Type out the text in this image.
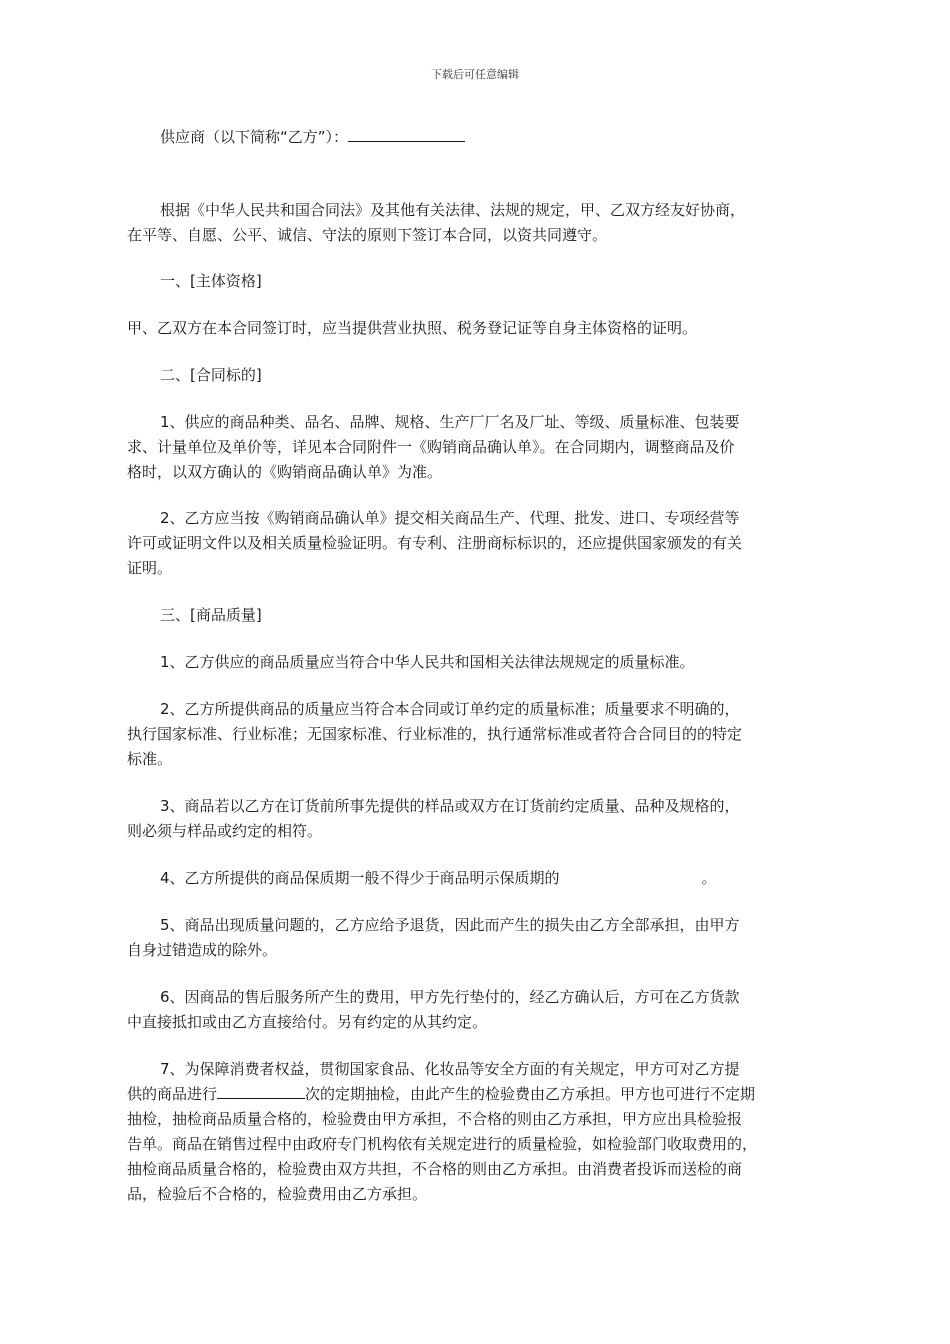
下载后可任意编辑
供应商（以下简称“乙方”）：
根据《中华人民共和国合同法》及其他有关法律、法规的规定，甲、乙双方经友好协商，
在平等、自愿、公平、诚信、守法的原则下签订本合同，以资共同遵守。
一、[主体资格]
甲、乙双方在本合同签订时，应当提供营业执照、税务登记证等自身主体资格的证明。
二、[合同标的]
1、供应的商品种类、品名、品牌、规格、生产厂厂名及厂址、等级、质量标准、包装要
求、计量单位及单价等，详见本合同附件一《购销商品确认单》。在合同期内，调整商品及价
格时，以双方确认的《购销商品确认单》为准。
2、乙方应当按《购销商品确认单》提交相关商品生产、代理、批发、进口、专项经营等
许可或证明文件以及相关质量检验证明。有专利、注册商标标识的，还应提供国家颁发的有关
证明。
三、[商品质量]
1、乙方供应的商品质量应当符合中华人民共和国相关法律法规规定的质量标准。
2、乙方所提供商品的质量应当符合本合同或订单约定的质量标准；质量要求不明确的，
执行国家标准、行业标准；无国家标准、行业标准的，执行通常标准或者符合合同目的的特定
标准。
3、商品若以乙方在订货前所事先提供的样品或双方在订货前约定质量、品种及规格的，
则必须与样品或约定的相符。
4、乙方所提供的商品保质期一般不得少于商品明示保质期的	。
5、商品出现质量问题的，乙方应给予退货，因此而产生的损失由乙方全部承担，由甲方
自身过错造成的除外。
6、因商品的售后服务所产生的费用，甲方先行垫付的，经乙方确认后，方可在乙方货款
中直接抵扣或由乙方直接给付。另有约定的从其约定。
7、为保障消费者权益，贯彻国家食品、化妆品等安全方面的有关规定，甲方可对乙方提
供的商品进行	次的定期抽检，由此产生的检验费由乙方承担。甲方也可进行不定期
抽检，抽检商品质量合格的，检验费由甲方承担，不合格的则由乙方承担，甲方应出具检验报
告单。商品在销售过程中由政府专门机构依有关规定进行的质量检验，如检验部门收取费用的，
抽检商品质量合格的，检验费由双方共担，不合格的则由乙方承担。由消费者投诉而送检的商
品，检验后不合格的，检验费用由乙方承担。
